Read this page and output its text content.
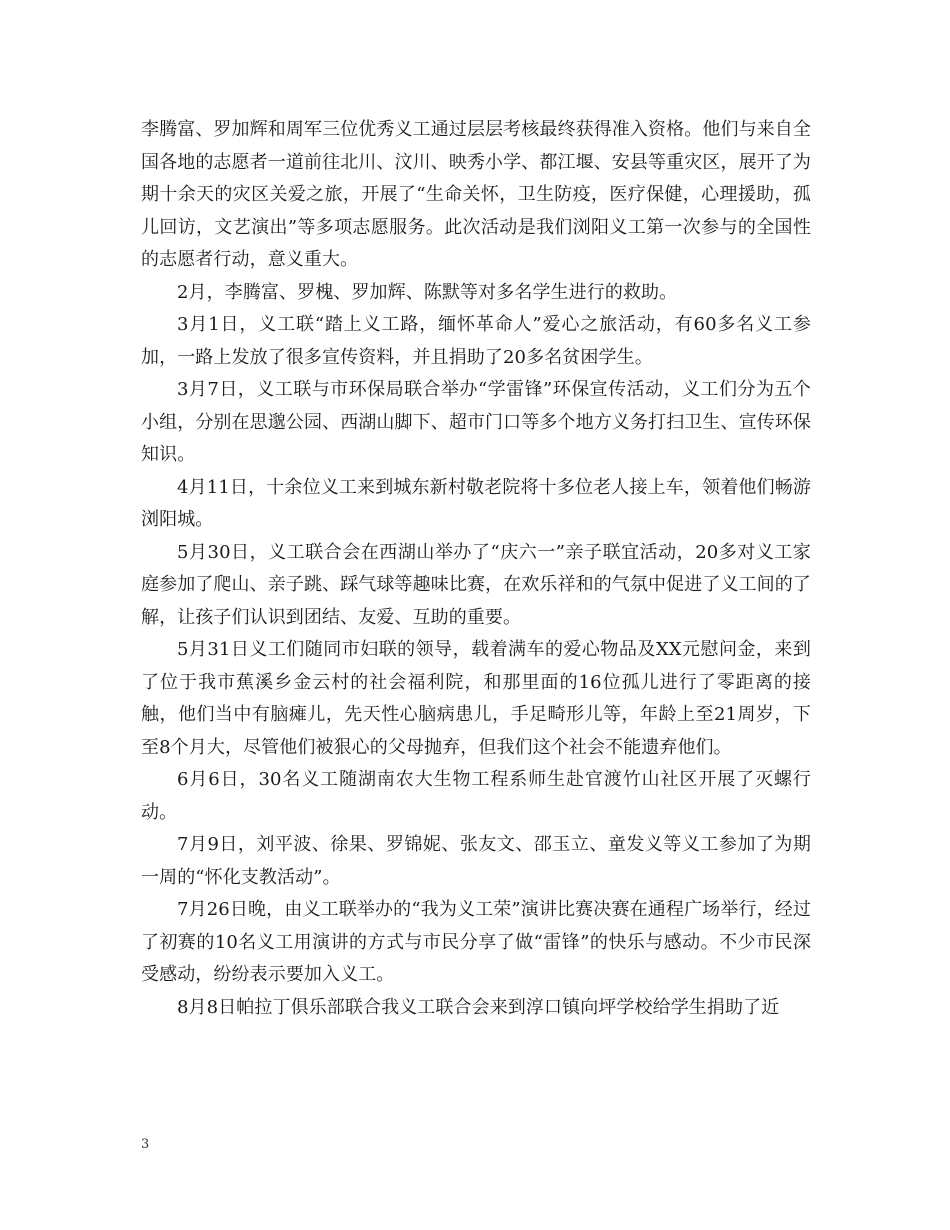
李腾富、罗加辉和周军三位优秀义工通过层层考核最终获得准入资格。他们与来自全国各地的志愿者一道前往北川、汶川、映秀小学、都江堰、安县等重灾区，展开了为期十余天的灾区关爱之旅，开展了“生命关怀，卫生防疫，医疗保健，心理援助，孤儿回访，文艺演出”等多项志愿服务。此次活动是我们浏阳义工第一次参与的全国性的志愿者行动，意义重大。

2月，李腾富、罗槐、罗加辉、陈默等对多名学生进行的救助。

3月1日，义工联“踏上义工路，缅怀革命人”爱心之旅活动，有60多名义工参加，一路上发放了很多宣传资料，并且捐助了20多名贫困学生。

3月7日，义工联与市环保局联合举办“学雷锋”环保宣传活动，义工们分为五个小组，分别在思邈公园、西湖山脚下、超市门口等多个地方义务打扫卫生、宣传环保知识。

4月11日，十余位义工来到城东新村敬老院将十多位老人接上车，领着他们畅游浏阳城。

5月30日，义工联合会在西湖山举办了“庆六一”亲子联宜活动，20多对义工家庭参加了爬山、亲子跳、踩气球等趣味比赛，在欢乐祥和的气氛中促进了义工间的了解，让孩子们认识到团结、友爱、互助的重要。

5月31日义工们随同市妇联的领导，载着满车的爱心物品及XX元慰问金，来到了位于我市蕉溪乡金云村的社会福利院，和那里面的16位孤儿进行了零距离的接触，他们当中有脑瘫儿，先天性心脑病患儿，手足畸形儿等，年龄上至21周岁，下至8个月大，尽管他们被狠心的父母抛弃，但我们这个社会不能遗弃他们。

6月6日，30名义工随湖南农大生物工程系师生赴官渡竹山社区开展了灭螺行动。

7月9日，刘平波、徐果、罗锦妮、张友文、邵玉立、童发义等义工参加了为期一周的“怀化支教活动”。

7月26日晚，由义工联举办的“我为义工荣”演讲比赛决赛在通程广场举行，经过了初赛的10名义工用演讲的方式与市民分享了做“雷锋”的快乐与感动。不少市民深受感动，纷纷表示要加入义工。

8月8日帕拉丁俱乐部联合我义工联合会来到淳口镇向坪学校给学生捐助了近

3
